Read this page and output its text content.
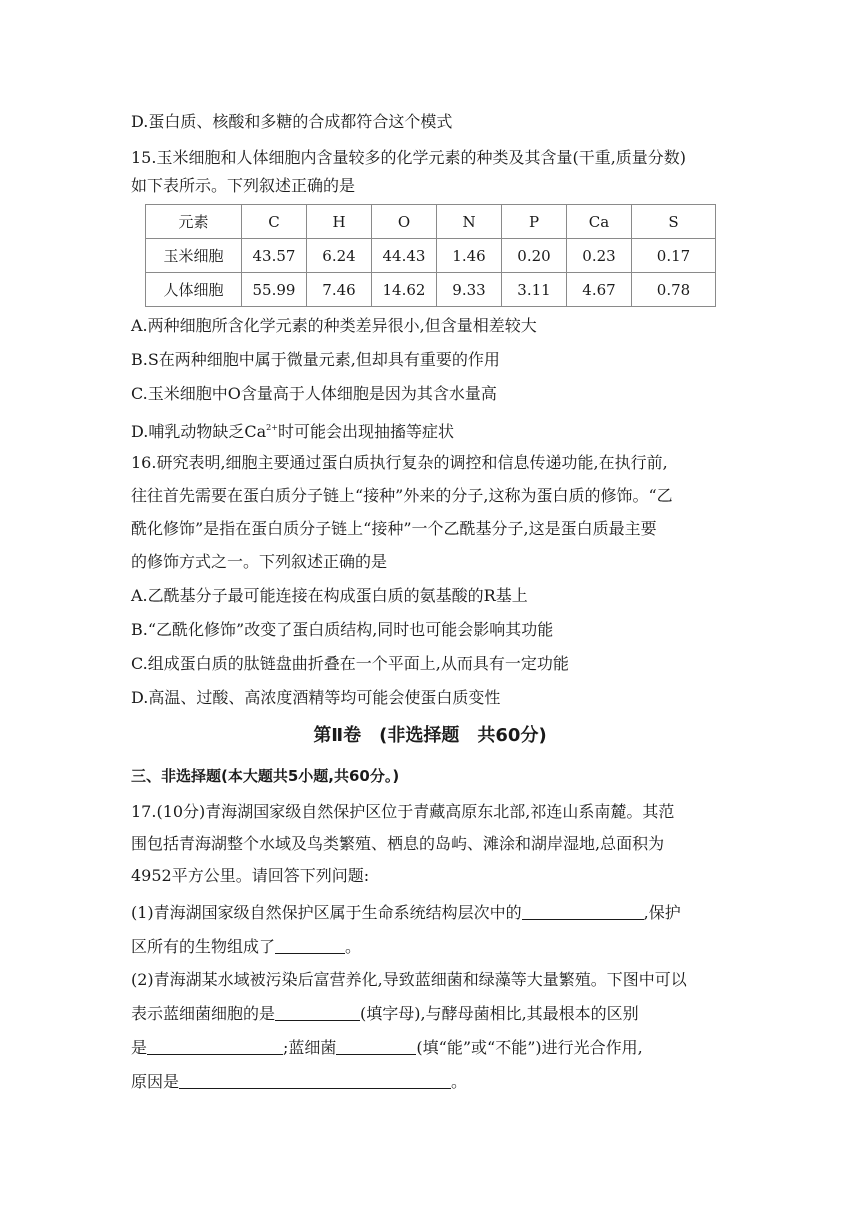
D.蛋白质、核酸和多糖的合成都符合这个模式
15.玉米细胞和人体细胞内含量较多的化学元素的种类及其含量(干重,质量分数)
如下表所示。下列叙述正确的是
元素	C	H	O	N	P	Ca	S
玉米细胞	43.57	6.24	44.43	1.46	0.20	0.23	0.17
人体细胞	55.99	7.46	14.62	9.33	3.11	4.67	0.78
A.两种细胞所含化学元素的种类差异很小,但含量相差较大
B.S在两种细胞中属于微量元素,但却具有重要的作用
C.玉米细胞中O含量高于人体细胞是因为其含水量高
D.哺乳动物缺乏$Ca^{2+}$时可能会出现抽搐等症状
16.研究表明,细胞主要通过蛋白质执行复杂的调控和信息传递功能,在执行前,
往往首先需要在蛋白质分子链上“接种”外来的分子,这称为蛋白质的修饰。“乙
酰化修饰”是指在蛋白质分子链上“接种”一个乙酰基分子,这是蛋白质最主要
的修饰方式之一。下列叙述正确的是
A.乙酰基分子最可能连接在构成蛋白质的氨基酸的R基上
B.“乙酰化修饰”改变了蛋白质结构,同时也可能会影响其功能
C.组成蛋白质的肽链盘曲折叠在一个平面上,从而具有一定功能
D.高温、过酸、高浓度酒精等均可能会使蛋白质变性
第Ⅱ卷　(非选择题　共60分)
三、非选择题(本大题共5小题,共60分。)
17.(10分)青海湖国家级自然保护区位于青藏高原东北部,祁连山系南麓。其范
围包括青海湖整个水域及鸟类繁殖、栖息的岛屿、滩涂和湖岸湿地,总面积为
4952平方公里。请回答下列问题:
(1)青海湖国家级自然保护区属于生命系统结构层次中的	,保护
区所有的生物组成了	。
(2)青海湖某水域被污染后富营养化,导致蓝细菌和绿藻等大量繁殖。下图中可以
表示蓝细菌细胞的是	(填字母),与酵母菌相比,其最根本的区别
是	;蓝细菌	(填“能”或“不能”)进行光合作用,
原因是	。
